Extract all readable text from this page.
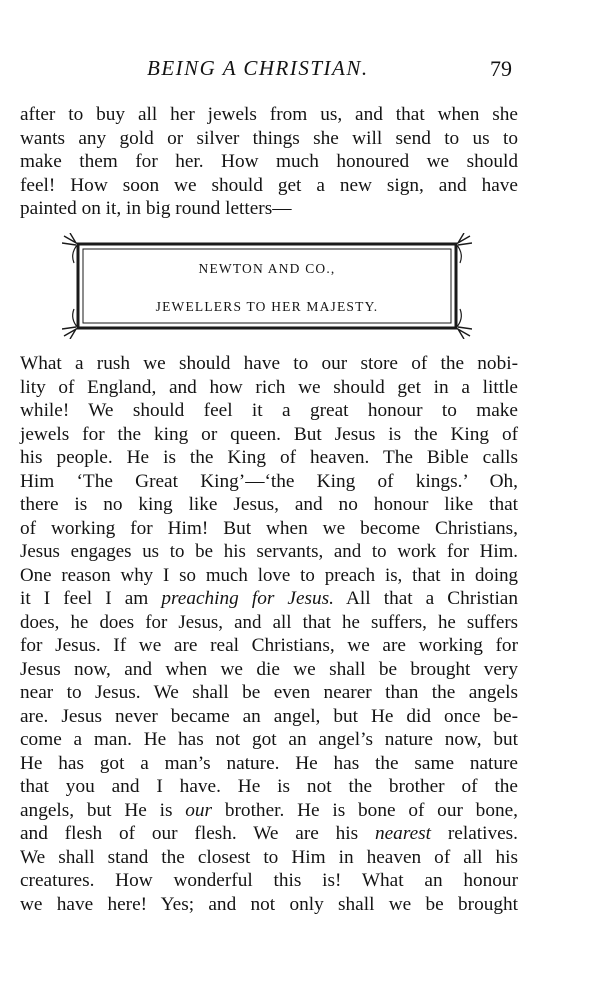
BEING A CHRISTIAN.	79
after to buy all her jewels from us, and that when she
wants any gold or silver things she will send to us to
make them for her. How much honoured we should
feel! How soon we should get a new sign, and have
painted on it, in big round letters—
NEWTON AND CO.,
JEWELLERS TO HER MAJESTY.
What a rush we should have to our store of the nobi-
lity of England, and how rich we should get in a little
while! We should feel it a great honour to make
jewels for the king or queen. But Jesus is the King of
his people. He is the King of heaven. The Bible calls
Him ‘The Great King’—‘the King of kings.’ Oh,
there is no king like Jesus, and no honour like that
of working for Him! But when we become Christians,
Jesus engages us to be his servants, and to work for Him.
One reason why I so much love to preach is, that in doing
it I feel I am preaching for Jesus. All that a Christian
does, he does for Jesus, and all that he suffers, he suffers
for Jesus. If we are real Christians, we are working for
Jesus now, and when we die we shall be brought very
near to Jesus. We shall be even nearer than the angels
are. Jesus never became an angel, but He did once be-
come a man. He has not got an angel’s nature now, but
He has got a man’s nature. He has the same nature
that you and I have. He is not the brother of the
angels, but He is our brother. He is bone of our bone,
and flesh of our flesh. We are his nearest relatives.
We shall stand the closest to Him in heaven of all his
creatures. How wonderful this is! What an honour
we have here! Yes; and not only shall we be brought
